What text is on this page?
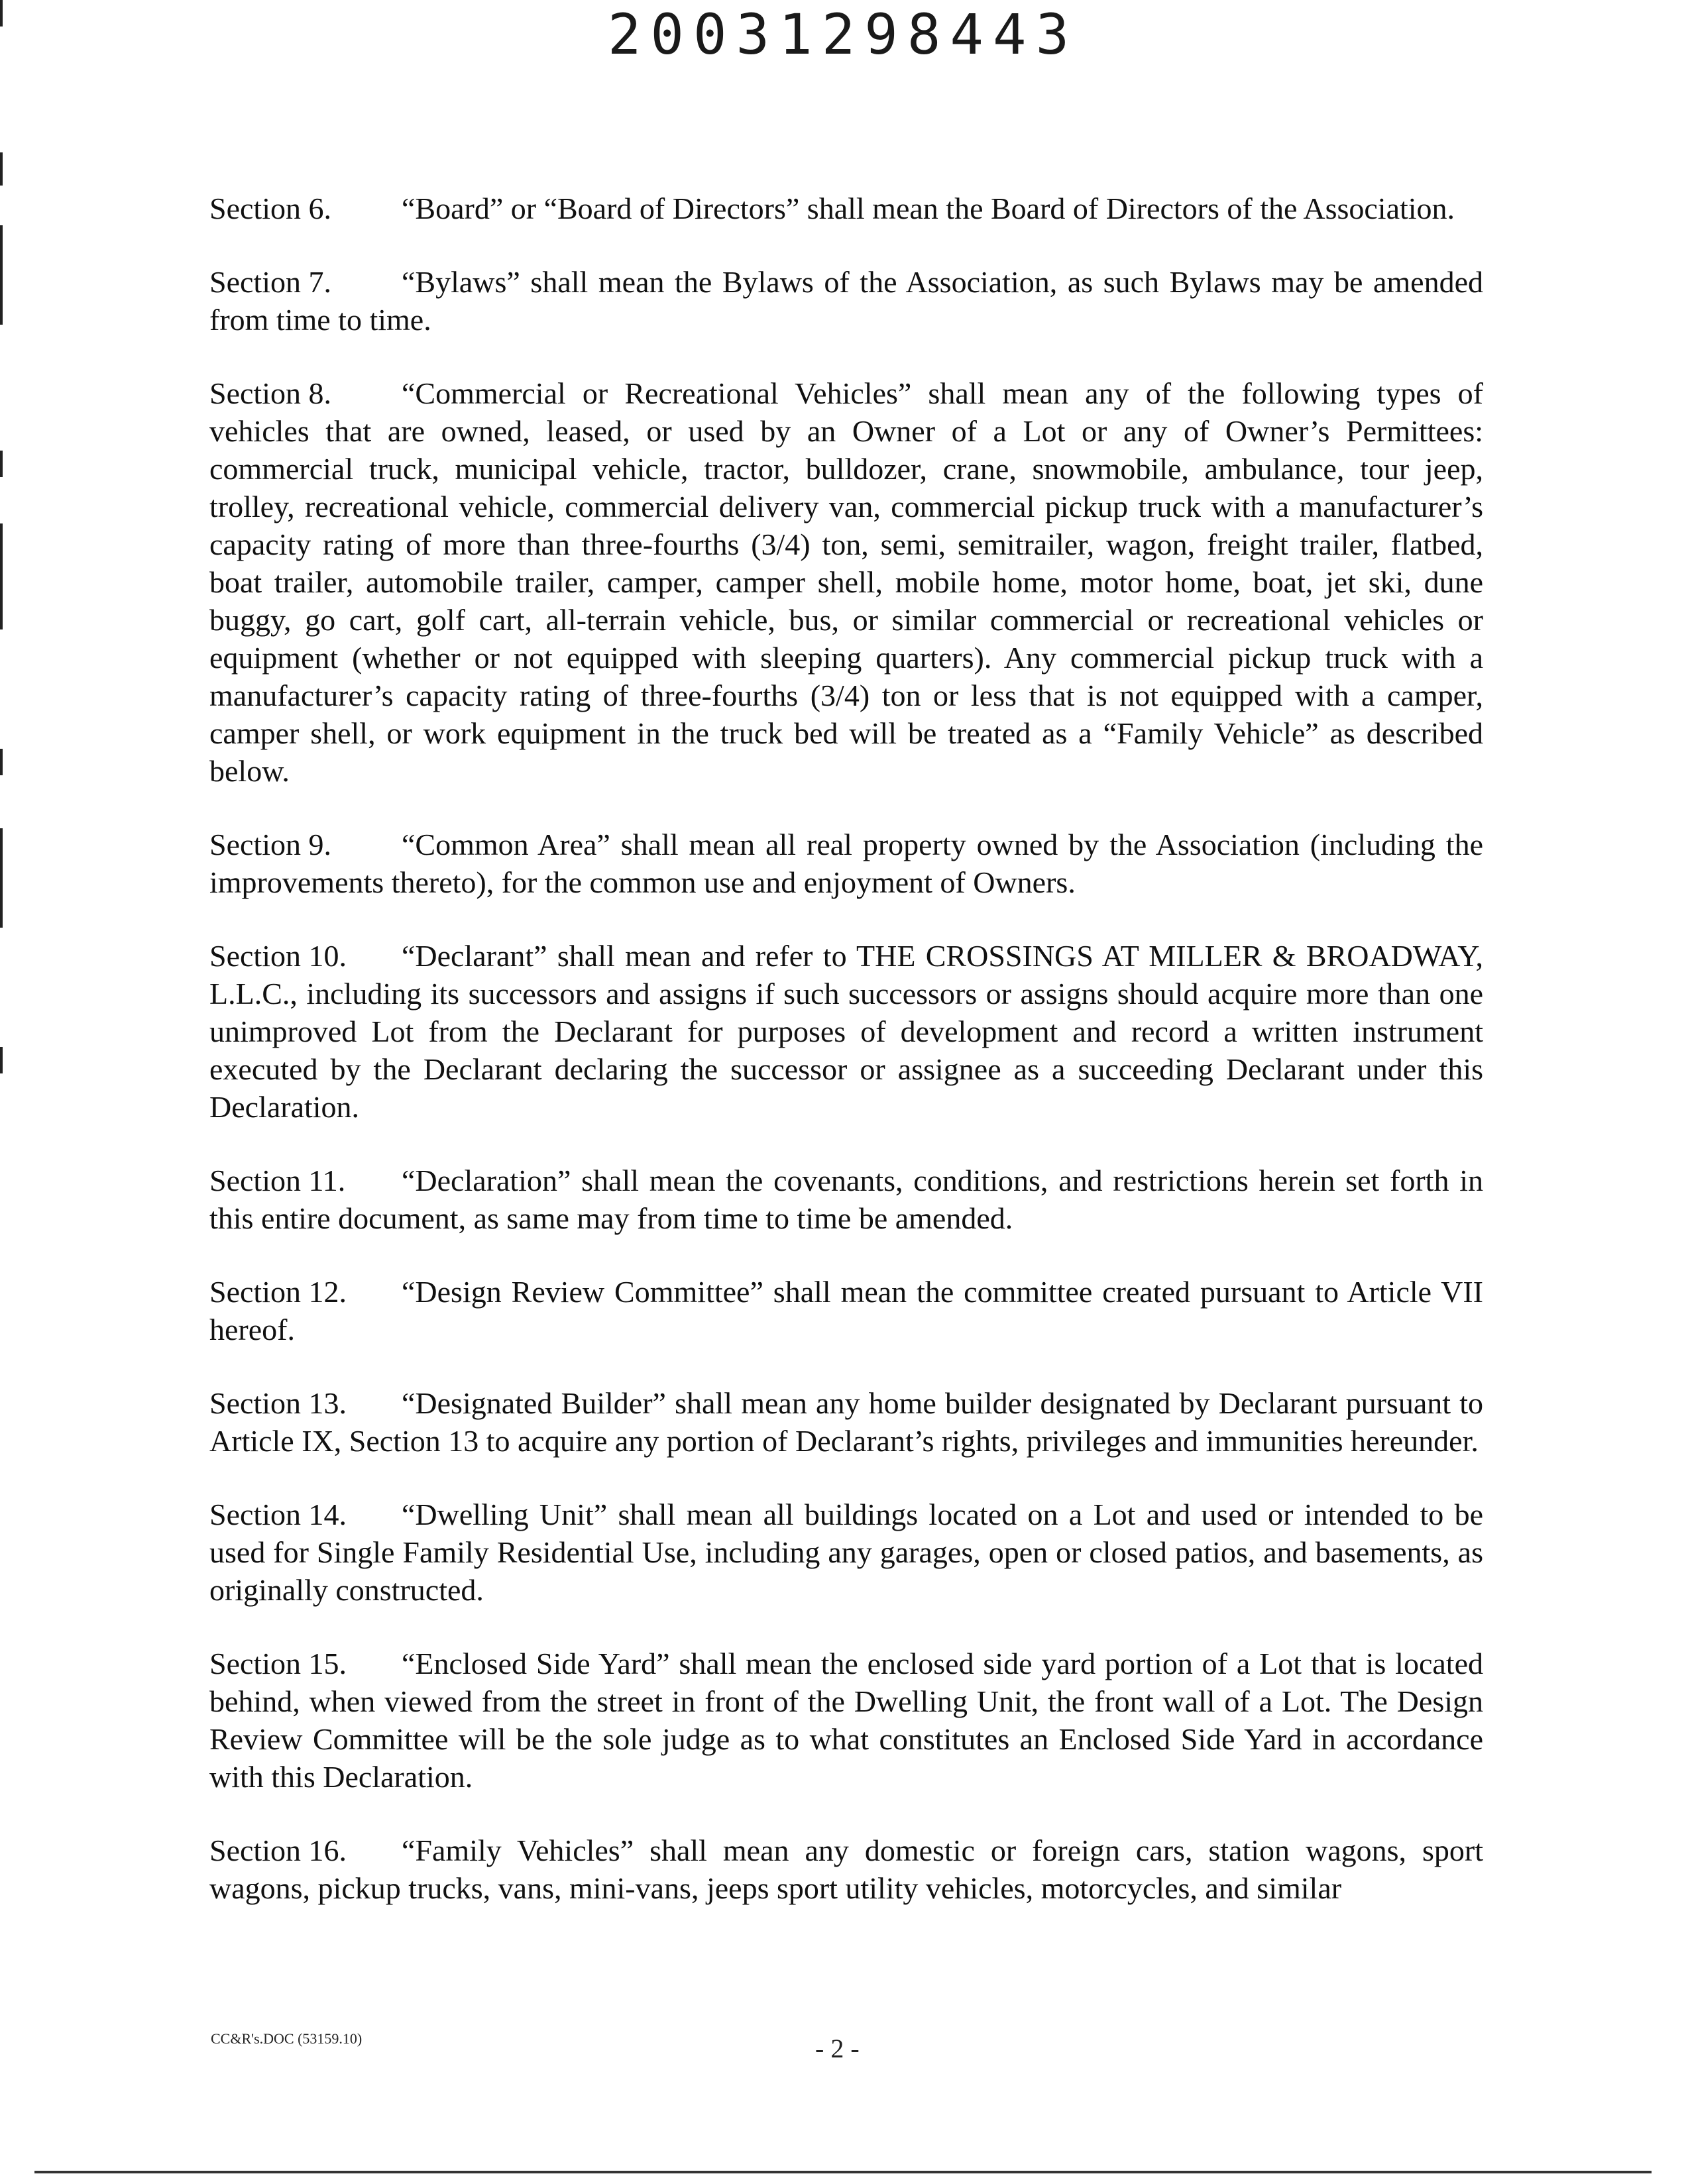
20031298443

Section 6. “Board” or “Board of Directors” shall mean the Board of Directors of the Association.

Section 7. “Bylaws” shall mean the Bylaws of the Association, as such Bylaws may be amended from time to time.

Section 8. “Commercial or Recreational Vehicles” shall mean any of the following types of vehicles that are owned, leased, or used by an Owner of a Lot or any of Owner’s Permittees: commercial truck, municipal vehicle, tractor, bulldozer, crane, snowmobile, ambulance, tour jeep, trolley, recreational vehicle, commercial delivery van, commercial pickup truck with a manufacturer’s capacity rating of more than three-fourths (3/4) ton, semi, semitrailer, wagon, freight trailer, flatbed, boat trailer, automobile trailer, camper, camper shell, mobile home, motor home, boat, jet ski, dune buggy, go cart, golf cart, all-terrain vehicle, bus, or similar commercial or recreational vehicles or equipment (whether or not equipped with sleeping quarters). Any commercial pickup truck with a manufacturer’s capacity rating of three-fourths (3/4) ton or less that is not equipped with a camper, camper shell, or work equipment in the truck bed will be treated as a “Family Vehicle” as described below.

Section 9. “Common Area” shall mean all real property owned by the Association (including the improvements thereto), for the common use and enjoyment of Owners.

Section 10. “Declarant” shall mean and refer to THE CROSSINGS AT MILLER & BROADWAY, L.L.C., including its successors and assigns if such successors or assigns should acquire more than one unimproved Lot from the Declarant for purposes of development and record a written instrument executed by the Declarant declaring the successor or assignee as a succeeding Declarant under this Declaration.

Section 11. “Declaration” shall mean the covenants, conditions, and restrictions herein set forth in this entire document, as same may from time to time be amended.

Section 12. “Design Review Committee” shall mean the committee created pursuant to Article VII hereof.

Section 13. “Designated Builder” shall mean any home builder designated by Declarant pursuant to Article IX, Section 13 to acquire any portion of Declarant’s rights, privileges and immunities hereunder.

Section 14. “Dwelling Unit” shall mean all buildings located on a Lot and used or intended to be used for Single Family Residential Use, including any garages, open or closed patios, and basements, as originally constructed.

Section 15. “Enclosed Side Yard” shall mean the enclosed side yard portion of a Lot that is located behind, when viewed from the street in front of the Dwelling Unit, the front wall of a Lot. The Design Review Committee will be the sole judge as to what constitutes an Enclosed Side Yard in accordance with this Declaration.

Section 16. “Family Vehicles” shall mean any domestic or foreign cars, station wagons, sport wagons, pickup trucks, vans, mini-vans, jeeps sport utility vehicles, motorcycles, and similar

CC&R's.DOC (53159.10)	- 2 -
